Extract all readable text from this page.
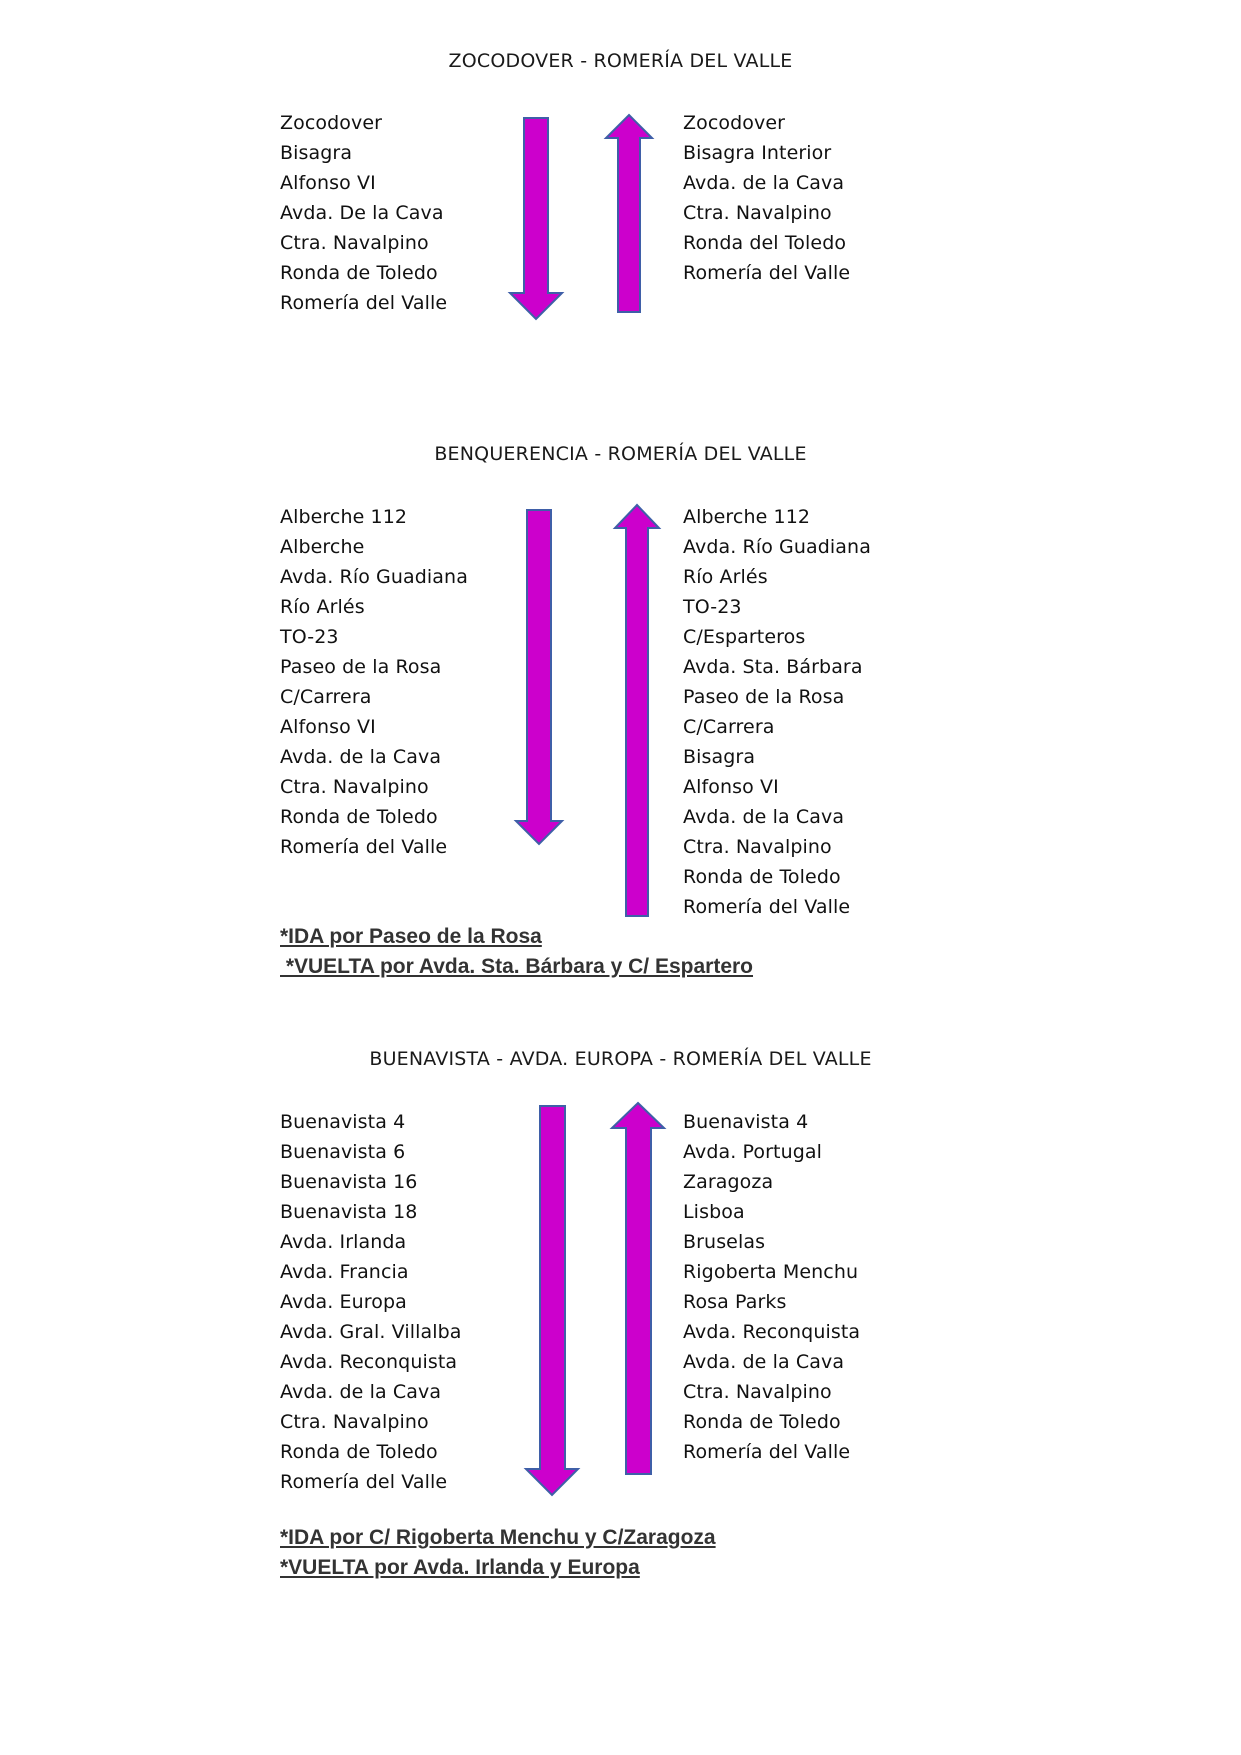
ZOCODOVER - ROMERÍA DEL VALLE
Zocodover
Bisagra
Alfonso VI
Avda. De la Cava
Ctra. Navalpino
Ronda de Toledo
Romería del Valle
Zocodover
Bisagra Interior
Avda. de la Cava
Ctra. Navalpino
Ronda del Toledo
Romería del Valle
BENQUERENCIA - ROMERÍA DEL VALLE
Alberche 112
Alberche
Avda. Río Guadiana
Río Arlés
TO-23
Paseo de la Rosa
C/Carrera
Alfonso VI
Avda. de la Cava
Ctra. Navalpino
Ronda de Toledo
Romería del Valle
Alberche 112
Avda. Río Guadiana
Río Arlés
TO-23
C/Esparteros
Avda. Sta. Bárbara
Paseo de la Rosa
C/Carrera
Bisagra
Alfonso VI
Avda. de la Cava
Ctra. Navalpino
Ronda de Toledo
Romería del Valle
*IDA por Paseo de la Rosa
*VUELTA por Avda. Sta. Bárbara y C/ Espartero
BUENAVISTA - AVDA. EUROPA - ROMERÍA DEL VALLE
Buenavista 4
Buenavista 6
Buenavista 16
Buenavista 18
Avda. Irlanda
Avda. Francia
Avda. Europa
Avda. Gral. Villalba
Avda. Reconquista
Avda. de la Cava
Ctra. Navalpino
Ronda de Toledo
Romería del Valle
Buenavista 4
Avda. Portugal
Zaragoza
Lisboa
Bruselas
Rigoberta Menchu
Rosa Parks
Avda. Reconquista
Avda. de la Cava
Ctra. Navalpino
Ronda de Toledo
Romería del Valle
*IDA por C/ Rigoberta Menchu y C/Zaragoza
*VUELTA por Avda. Irlanda y Europa
